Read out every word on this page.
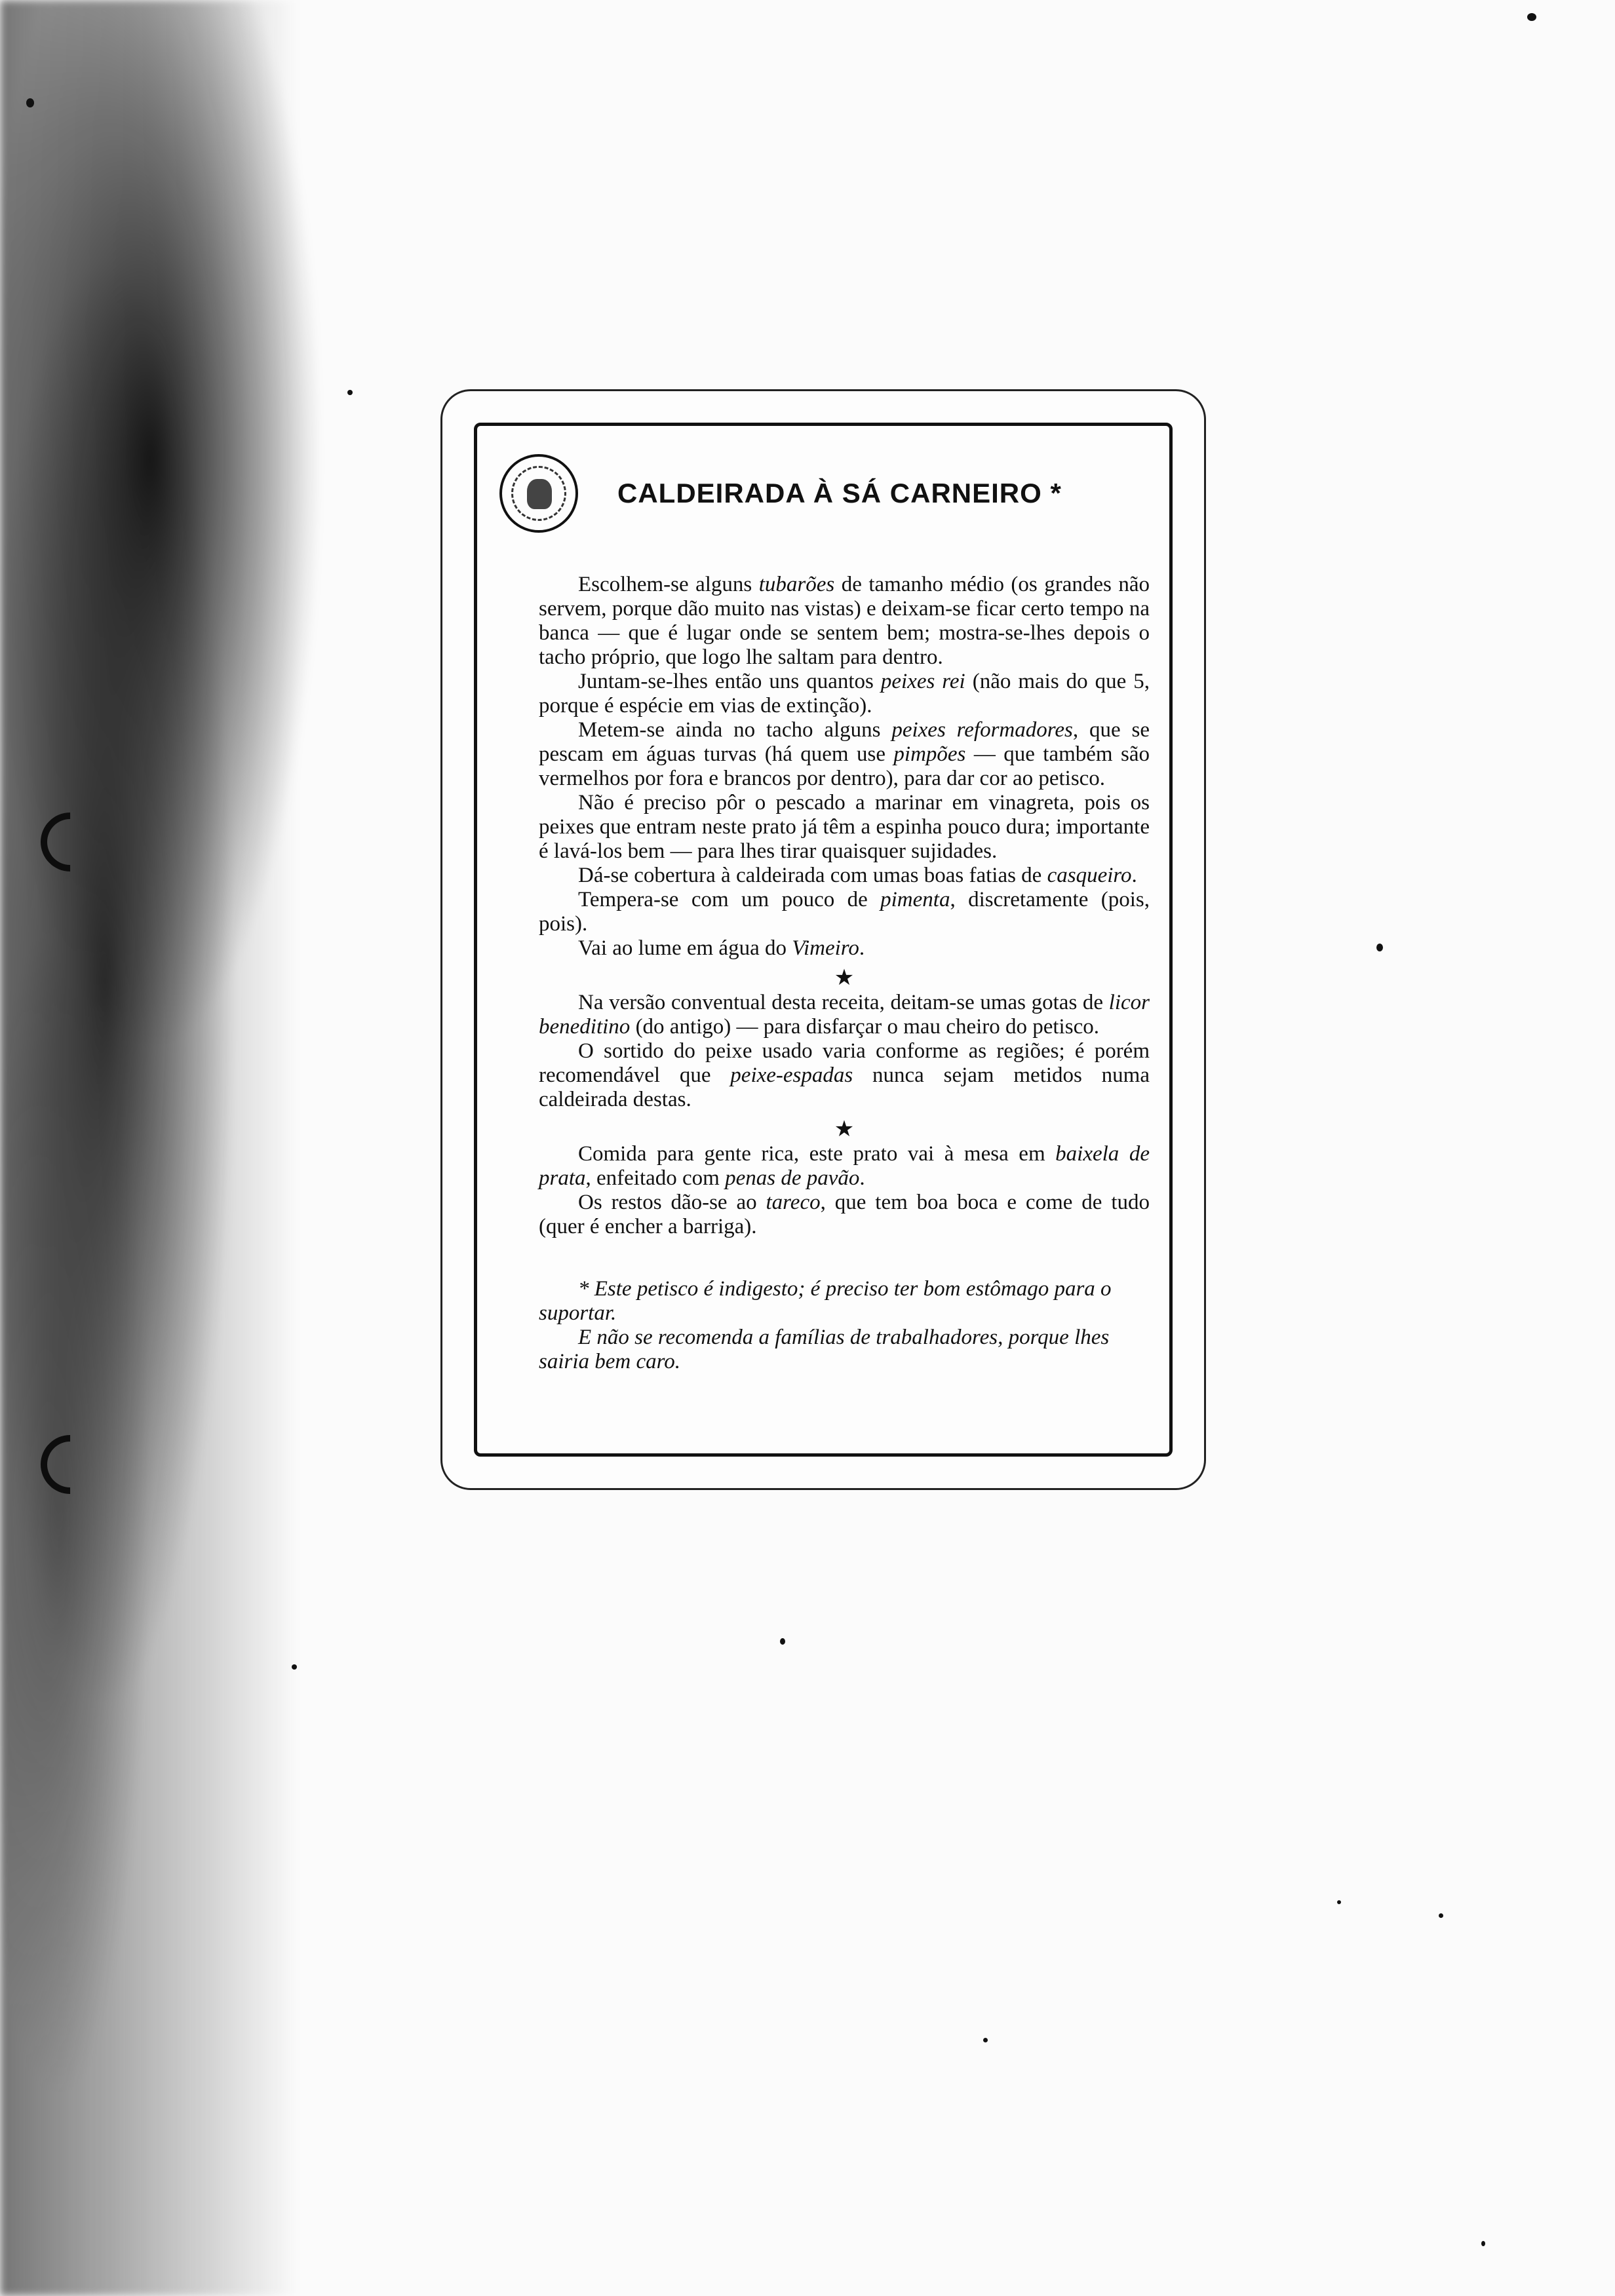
CALDEIRADA À SÁ CARNEIRO *

Escolhem-se alguns tubarões de tamanho médio (os grandes não servem, porque dão muito nas vistas) e deixam-se ficar certo tempo na banca — que é lugar onde se sentem bem; mostra-se-lhes depois o tacho próprio, que logo lhe saltam para dentro.

Juntam-se-lhes então uns quantos peixes rei (não mais do que 5, porque é espécie em vias de extinção).

Metem-se ainda no tacho alguns peixes reformadores, que se pescam em águas turvas (há quem use pimpões — que também são vermelhos por fora e brancos por dentro), para dar cor ao petisco.

Não é preciso pôr o pescado a marinar em vinagreta, pois os peixes que entram neste prato já têm a espinha pouco dura; importante é lavá-los bem — para lhes tirar quaisquer sujidades.

Dá-se cobertura à caldeirada com umas boas fatias de casqueiro.

Tempera-se com um pouco de pimenta, discretamente (pois, pois).

Vai ao lume em água do Vimeiro.

★

Na versão conventual desta receita, deitam-se umas gotas de licor beneditino (do antigo) — para disfarçar o mau cheiro do petisco.

O sortido do peixe usado varia conforme as regiões; é porém recomendável que peixe-espadas nunca sejam metidos numa caldeirada destas.

★

Comida para gente rica, este prato vai à mesa em baixela de prata, enfeitado com penas de pavão.

Os restos dão-se ao tareco, que tem boa boca e come de tudo (quer é encher a barriga).

* Este petisco é indigesto; é preciso ter bom estômago para o suportar.

E não se recomenda a famílias de trabalhadores, porque lhes sairia bem caro.
